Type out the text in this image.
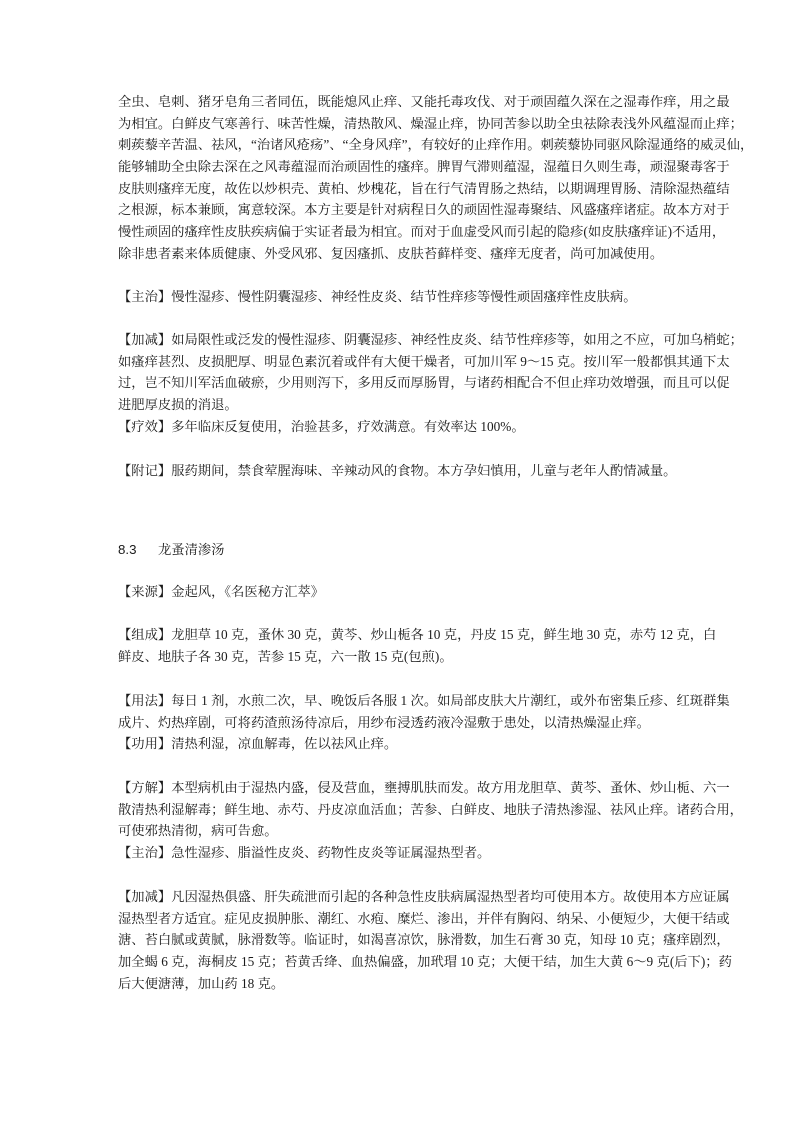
8.3 龙蚤清渗汤
全虫、皂刺、猪牙皂角三者同伍，既能熄风止痒、又能托毒攻伐、对于顽固蕴久深在之湿毒作痒，用之最
为相宜。白鲜皮气寒善行、味苦性燥，清热散风、燥湿止痒，协同苦参以助全虫祛除表浅外风蕴湿而止痒；
刺蒺藜辛苦温、祛风，“治诸风疮疡”、“全身风痒”，有较好的止痒作用。刺蒺藜协同驱风除湿通络的威灵仙，
能够辅助全虫除去深在之风毒蕴湿而治顽固性的瘙痒。脾胃气滞则蕴湿，湿蕴日久则生毒，顽湿聚毒客于
皮肤则瘙痒无度，故佐以炒枳壳、黄柏、炒槐花，旨在行气清胃肠之热结，以期调理胃肠、清除湿热蕴结
之根源，标本兼顾，寓意较深。本方主要是针对病程日久的顽固性湿毒聚结、风盛瘙痒诸症。故本方对于
慢性顽固的瘙痒性皮肤疾病偏于实证者最为相宜。而对于血虚受风而引起的隐疹(如皮肤瘙痒证)不适用，
除非患者素来体质健康、外受风邪、复因瘙抓、皮肤苔藓样变、瘙痒无度者，尚可加减使用。
【主治】慢性湿疹、慢性阴囊湿疹、神经性皮炎、结节性痒疹等慢性顽固瘙痒性皮肤病。
【加减】如局限性或泛发的慢性湿疹、阴囊湿疹、神经性皮炎、结节性痒疹等，如用之不应，可加乌梢蛇；
如瘙痒甚烈、皮损肥厚、明显色素沉着或伴有大便干燥者，可加川军 9～15 克。按川军一般都惧其通下太
过，岂不知川军活血破瘀，少用则泻下，多用反而厚肠胃，与诸药相配合不但止痒功效增强，而且可以促
进肥厚皮损的消退。
【疗效】多年临床反复使用，治验甚多，疗效满意。有效率达 100%。
【附记】服药期间，禁食荤腥海味、辛辣动风的食物。本方孕妇慎用，儿童与老年人酌情减量。
【来源】金起风，《名医秘方汇萃》
【组成】龙胆草 10 克，蚤休 30 克，黄芩、炒山栀各 10 克，丹皮 15 克，鲜生地 30 克，赤芍 12 克，白
鲜皮、地肤子各 30 克，苦参 15 克，六一散 15 克(包煎)。
【用法】每日 1 剂，水煎二次，早、晚饭后各服 1 次。如局部皮肤大片潮红，或外布密集丘疹、红斑群集
成片、灼热痒剧，可将药渣煎汤待凉后，用纱布浸透药液冷湿敷于患处，以清热燥湿止痒。
【功用】清热利湿，凉血解毒，佐以祛风止痒。
【方解】本型病机由于湿热内盛，侵及营血，壅搏肌肤而发。故方用龙胆草、黄芩、蚤休、炒山栀、六一
散清热利湿解毒；鲜生地、赤芍、丹皮凉血活血；苦参、白鲜皮、地肤子清热渗湿、祛风止痒。诸药合用，
可使邪热清彻，病可告愈。
【主治】急性湿疹、脂溢性皮炎、药物性皮炎等证属湿热型者。
【加减】凡因湿热俱盛、肝失疏泄而引起的各种急性皮肤病属湿热型者均可使用本方。故使用本方应证属
湿热型者方适宜。症见皮损肿胀、潮红、水疱、糜烂、渗出，并伴有胸闷、纳呆、小便短少，大便干结或
溏、苔白腻或黄腻，脉滑数等。临证时，如渴喜凉饮，脉滑数，加生石膏 30 克，知母 10 克；瘙痒剧烈，
加全蝎 6 克，海桐皮 15 克；苔黄舌绛、血热偏盛，加玳瑁 10 克；大便干结，加生大黄 6～9 克(后下)；药
后大便溏薄，加山药 18 克。
